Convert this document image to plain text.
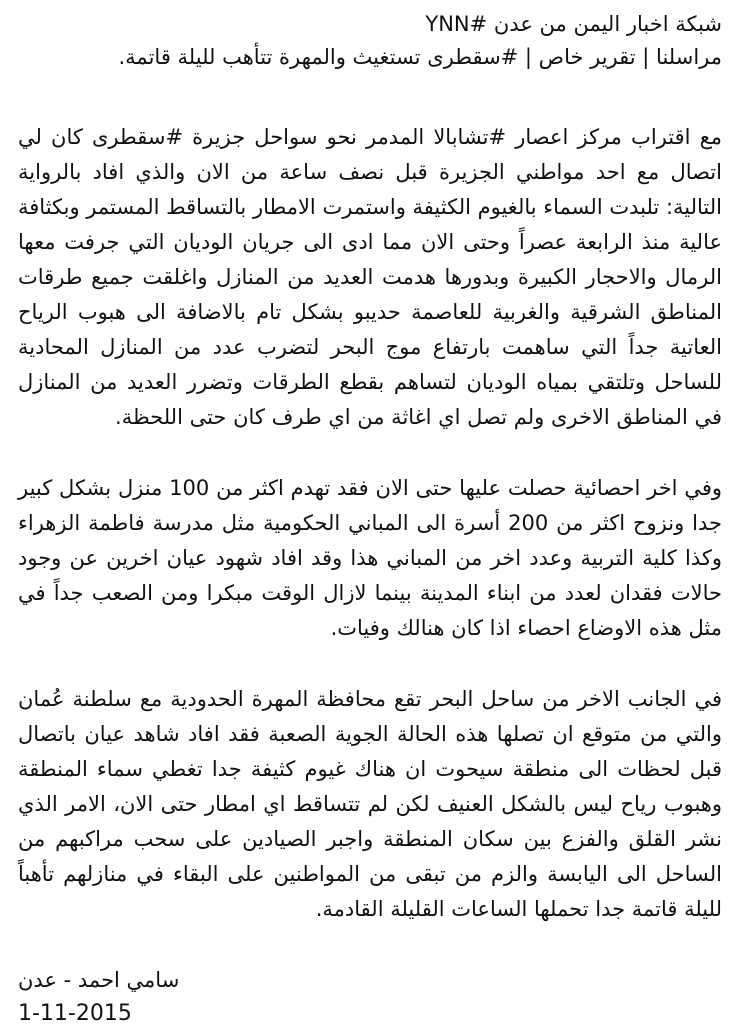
شبكة اخبار اليمن من عدن #YNN
مراسلنا | تقرير خاص | #سقطرى تستغيث والمهرة تتأهب لليلة قاتمة.

مع اقتراب مركز اعصار #تشابالا المدمر نحو سواحل جزيرة #سقطرى كان لي اتصال مع احد مواطني الجزيرة قبل نصف ساعة من الان والذي افاد بالرواية التالية: تلبدت السماء بالغيوم الكثيفة واستمرت الامطار بالتساقط المستمر وبكثافة عالية منذ الرابعة عصراً وحتى الان مما ادى الى جريان الوديان التي جرفت معها الرمال والاحجار الكبيرة وبدورها هدمت العديد من المنازل واغلقت جميع طرقات المناطق الشرقية والغربية للعاصمة حديبو بشكل تام بالاضافة الى هبوب الرياح العاتية جداً التي ساهمت بارتفاع موج البحر لتضرب عدد من المنازل المحادية للساحل وتلتقي بمياه الوديان لتساهم بقطع الطرقات وتضرر العديد من المنازل في المناطق الاخرى ولم تصل اي اغاثة من اي طرف كان حتى اللحظة.

وفي اخر احصائية حصلت عليها حتى الان فقد تهدم اكثر من 100 منزل بشكل كبير جدا ونزوح اكثر من 200 أسرة الى المباني الحكومية مثل مدرسة فاطمة الزهراء وكذا كلية التربية وعدد اخر من المباني هذا وقد افاد شهود عيان اخرين عن وجود حالات فقدان لعدد من ابناء المدينة بينما لازال الوقت مبكرا ومن الصعب جداً في مثل هذه الاوضاع احصاء اذا كان هنالك وفيات.

في الجانب الاخر من ساحل البحر تقع محافظة المهرة الحدودية مع سلطنة عُمان والتي من متوقع ان تصلها هذه الحالة الجوية الصعبة فقد افاد شاهد عيان باتصال قبل لحظات الى منطقة سيحوت ان هناك غيوم كثيفة جدا تغطي سماء المنطقة وهبوب رياح ليس بالشكل العنيف لكن لم تتساقط اي امطار حتى الان، الامر الذي نشر القلق والفزع بين سكان المنطقة واجبر الصيادين على سحب مراكبهم من الساحل الى اليابسة والزم من تبقى من المواطنين على البقاء في منازلهم تأهباً لليلة قاتمة جدا تحملها الساعات القليلة القادمة.

سامي احمد - عدن
1-11-2015
